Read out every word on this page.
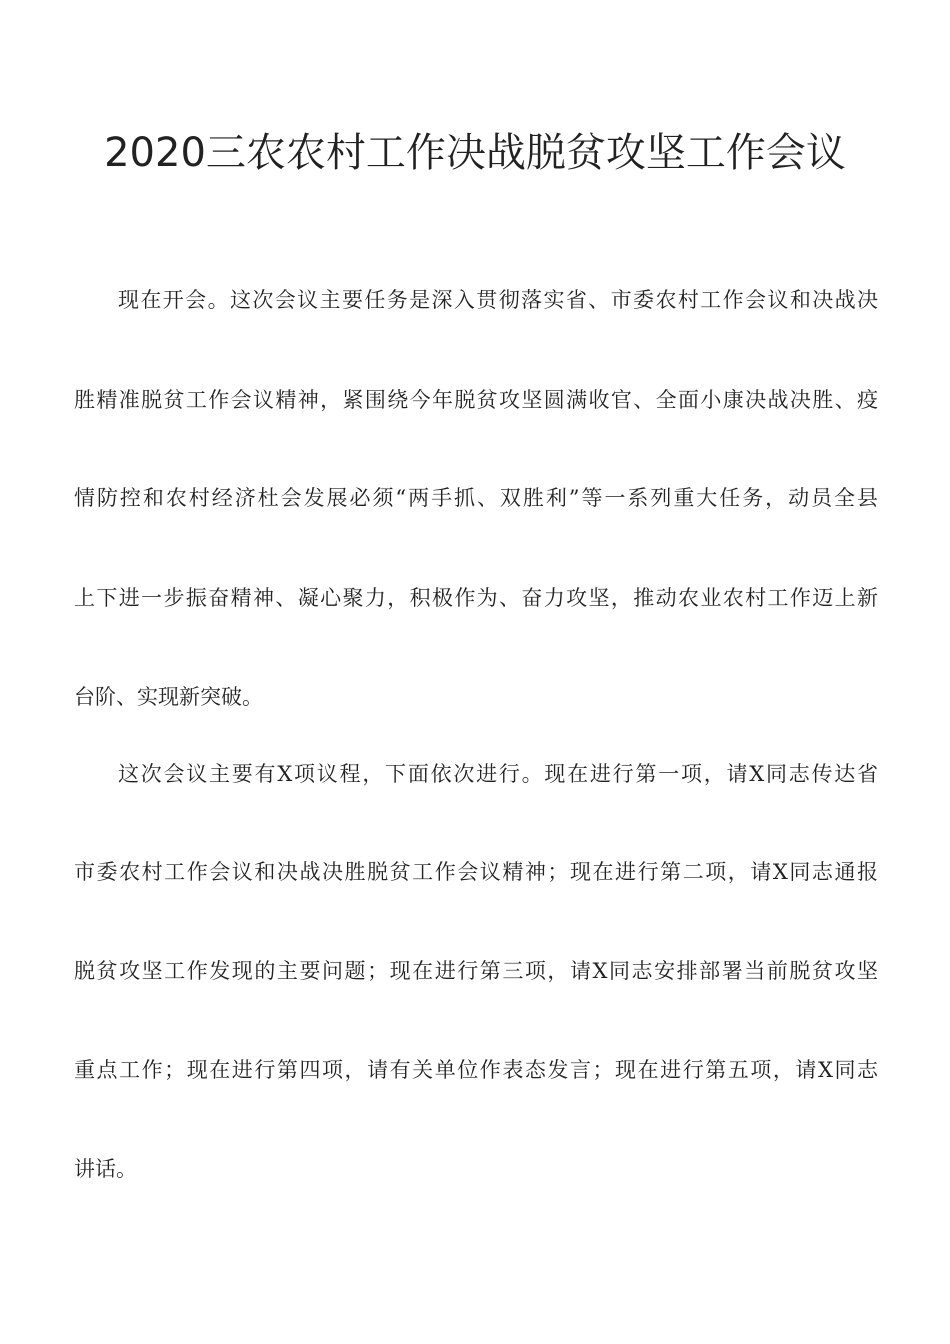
2020三农农村工作决战脱贫攻坚工作会议
现在开会。这次会议主要任务是深入贯彻落实省、市委农村工作会议和决战决
胜精准脱贫工作会议精神，紧围绕今年脱贫攻坚圆满收官、全面小康决战决胜、疫
情防控和农村经济杜会发展必须“两手抓、双胜利”等一系列重大任务，动员全县
上下进一步振奋精神、凝心聚力，积极作为、奋力攻坚，推动农业农村工作迈上新
台阶、实现新突破。
这次会议主要有X项议程，下面依次进行。现在进行第一项，请X同志传达省
市委农村工作会议和决战决胜脱贫工作会议精神；现在进行第二项，请X同志通报
脱贫攻坚工作发现的主要问题；现在进行第三项，请X同志安排部署当前脱贫攻坚
重点工作；现在进行第四项，请有关单位作表态发言；现在进行第五项，请X同志
讲话。
